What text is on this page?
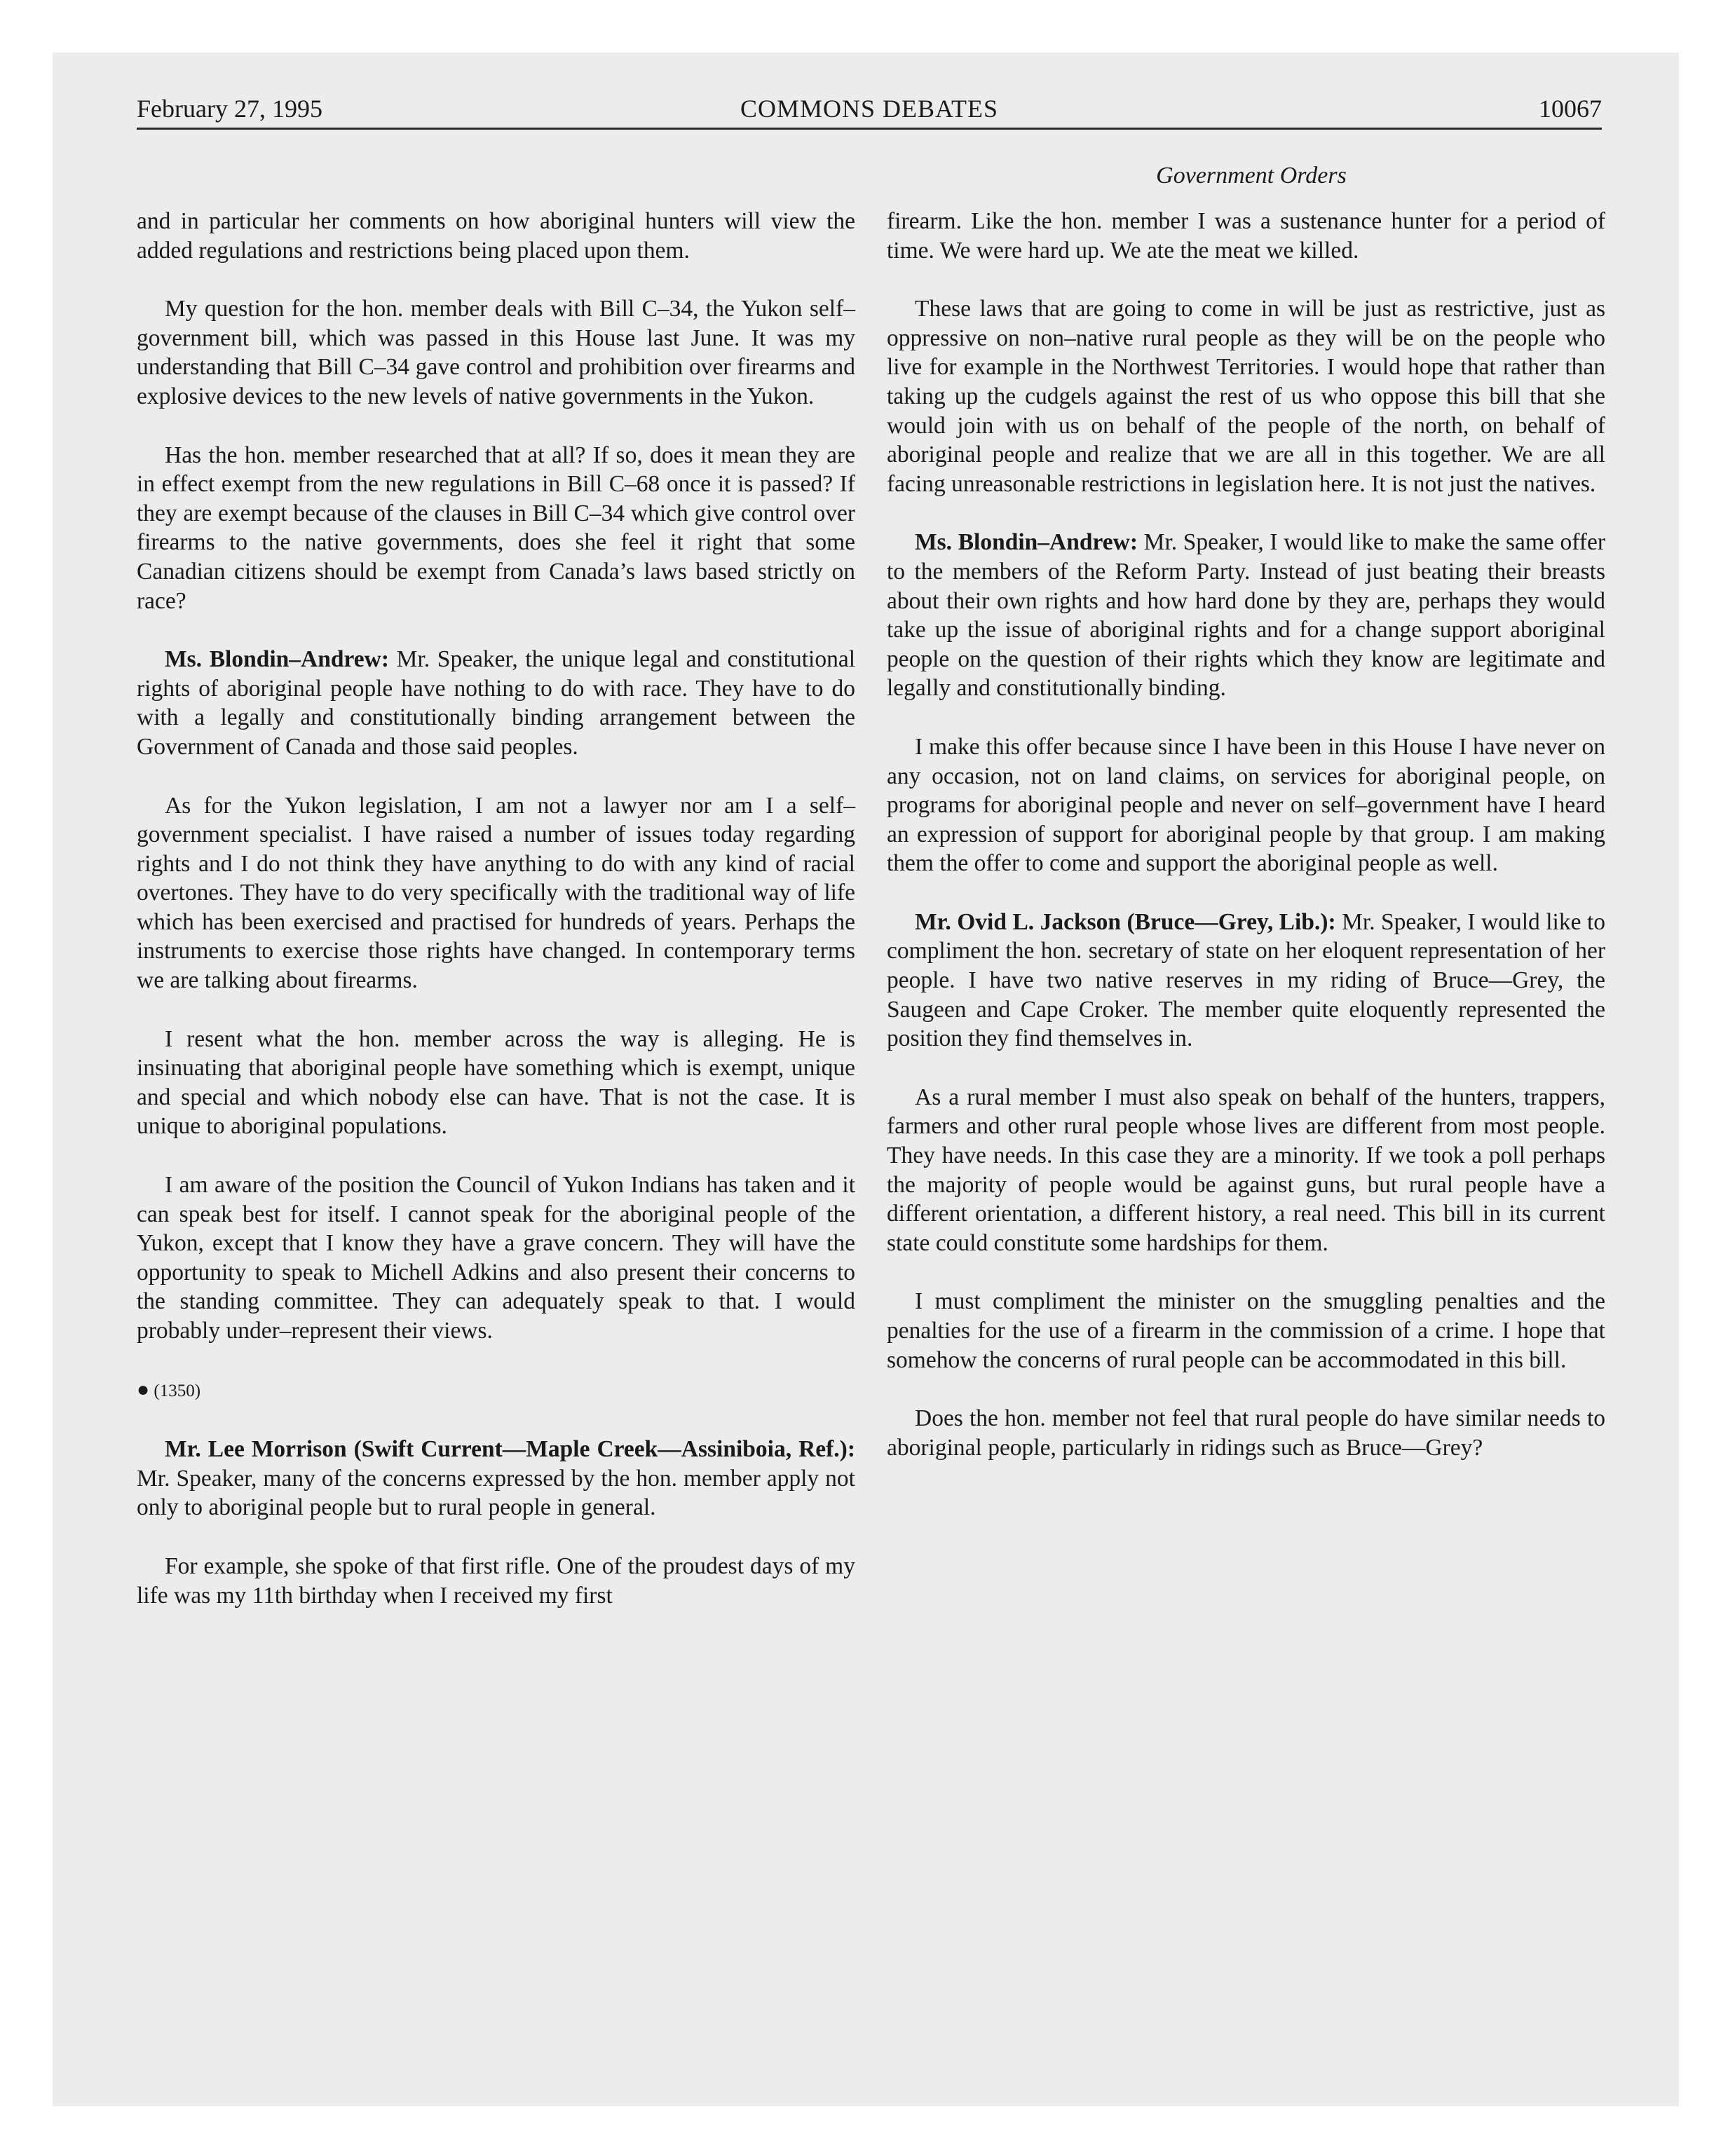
February 27, 1995	COMMONS DEBATES	10067
Government Orders

and in particular her comments on how aboriginal hunters will view the added regulations and restrictions being placed upon them.

My question for the hon. member deals with Bill C–34, the Yukon self–government bill, which was passed in this House last June. It was my understanding that Bill C–34 gave control and prohibition over firearms and explosive devices to the new levels of native governments in the Yukon.

Has the hon. member researched that at all? If so, does it mean they are in effect exempt from the new regulations in Bill C–68 once it is passed? If they are exempt because of the clauses in Bill C–34 which give control over firearms to the native governments, does she feel it right that some Canadian citizens should be exempt from Canada’s laws based strictly on race?

Ms. Blondin–Andrew: Mr. Speaker, the unique legal and constitutional rights of aboriginal people have nothing to do with race. They have to do with a legally and constitutionally binding arrangement between the Government of Canada and those said peoples.

As for the Yukon legislation, I am not a lawyer nor am I a self–government specialist. I have raised a number of issues today regarding rights and I do not think they have anything to do with any kind of racial overtones. They have to do very specifically with the traditional way of life which has been exercised and practised for hundreds of years. Perhaps the instruments to exercise those rights have changed. In contemporary terms we are talking about firearms.

I resent what the hon. member across the way is alleging. He is insinuating that aboriginal people have something which is exempt, unique and special and which nobody else can have. That is not the case. It is unique to aboriginal populations.

I am aware of the position the Council of Yukon Indians has taken and it can speak best for itself. I cannot speak for the aboriginal people of the Yukon, except that I know they have a grave concern. They will have the opportunity to speak to Michell Adkins and also present their concerns to the standing committee. They can adequately speak to that. I would probably under–represent their views.

● (1350)

Mr. Lee Morrison (Swift Current—Maple Creek—Assiniboia, Ref.): Mr. Speaker, many of the concerns expressed by the hon. member apply not only to aboriginal people but to rural people in general.

For example, she spoke of that first rifle. One of the proudest days of my life was my 11th birthday when I received my first

firearm. Like the hon. member I was a sustenance hunter for a period of time. We were hard up. We ate the meat we killed.

These laws that are going to come in will be just as restrictive, just as oppressive on non–native rural people as they will be on the people who live for example in the Northwest Territories. I would hope that rather than taking up the cudgels against the rest of us who oppose this bill that she would join with us on behalf of the people of the north, on behalf of aboriginal people and realize that we are all in this together. We are all facing unreasonable restrictions in legislation here. It is not just the natives.

Ms. Blondin–Andrew: Mr. Speaker, I would like to make the same offer to the members of the Reform Party. Instead of just beating their breasts about their own rights and how hard done by they are, perhaps they would take up the issue of aboriginal rights and for a change support aboriginal people on the question of their rights which they know are legitimate and legally and constitutionally binding.

I make this offer because since I have been in this House I have never on any occasion, not on land claims, on services for aboriginal people, on programs for aboriginal people and never on self–government have I heard an expression of support for aboriginal people by that group. I am making them the offer to come and support the aboriginal people as well.

Mr. Ovid L. Jackson (Bruce—Grey, Lib.): Mr. Speaker, I would like to compliment the hon. secretary of state on her eloquent representation of her people. I have two native reserves in my riding of Bruce—Grey, the Saugeen and Cape Croker. The member quite eloquently represented the position they find themselves in.

As a rural member I must also speak on behalf of the hunters, trappers, farmers and other rural people whose lives are different from most people. They have needs. In this case they are a minority. If we took a poll perhaps the majority of people would be against guns, but rural people have a different orientation, a different history, a real need. This bill in its current state could constitute some hardships for them.

I must compliment the minister on the smuggling penalties and the penalties for the use of a firearm in the commission of a crime. I hope that somehow the concerns of rural people can be accommodated in this bill.

Does the hon. member not feel that rural people do have similar needs to aboriginal people, particularly in ridings such as Bruce—Grey?
